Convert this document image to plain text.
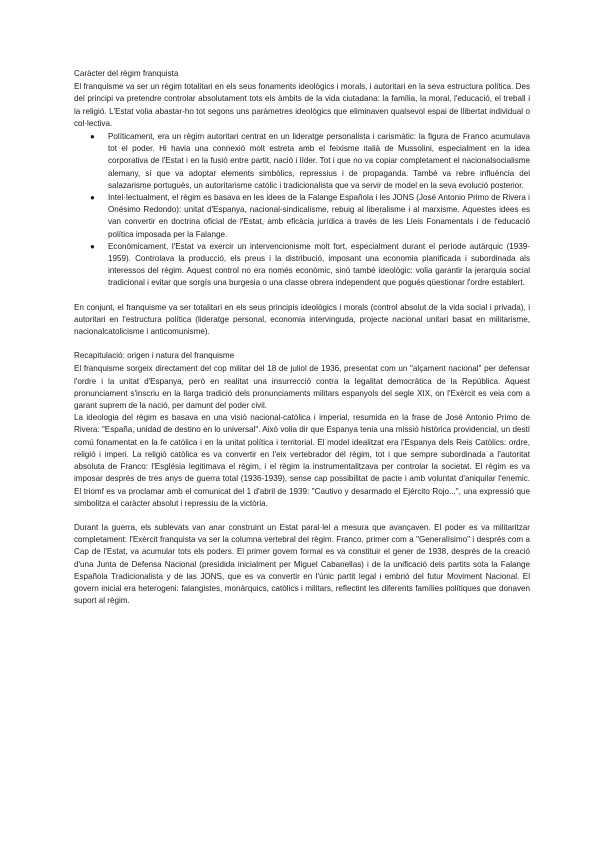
Caràcter del règim franquista

El franquisme va ser un règim totalitari en els seus fonaments ideològics i morals, i autoritari en la seva estructura política. Des del principi va pretendre controlar absolutament tots els àmbits de la vida ciutadana: la família, la moral, l'educació, el treball i la religió. L'Estat volia abastar-ho tot segons uns paràmetres ideològics que eliminaven qualsevol espai de llibertat individual o col·lectiva.

● Políticament, era un règim autoritari centrat en un lideratge personalista i carismàtic: la figura de Franco acumulava tot el poder. Hi havia una connexió molt estreta amb el feixisme italià de Mussolini, especialment en la idea corporativa de l'Estat i en la fusió entre partit, nació i líder. Tot i que no va copiar completament el nacionalsocialisme alemany, sí que va adoptar elements simbòlics, repressius i de propaganda. També va rebre influència del salazarisme portuguès, un autoritarisme catòlic i tradicionalista que va servir de model en la seva evolució posterior.
● Intel·lectualment, el règim es basava en les idees de la Falange Española i les JONS (José Antonio Primo de Rivera i Onésimo Redondo): unitat d'Espanya, nacional-sindicalisme, rebuig al liberalisme i al marxisme. Aquestes idees es van convertir en doctrina oficial de l'Estat, amb eficàcia jurídica a través de les Lleis Fonamentals i de l'educació política imposada per la Falange.
● Econòmicament, l'Estat va exercir un intervencionisme molt fort, especialment durant el període autàrquic (1939-1959). Controlava la producció, els preus i la distribució, imposant una economia planificada i subordinada als interessos del règim. Aquest control no era només econòmic, sinó també ideològic: volia garantir la jerarquia social tradicional i evitar que sorgís una burgesia o una classe obrera independent que pogués qüestionar l'ordre establert.

En conjunt, el franquisme va ser totalitari en els seus principis ideològics i morals (control absolut de la vida social i privada), i autoritari en l'estructura política (lideratge personal, economia intervinguda, projecte nacional unitari basat en militarisme, nacionalcatolicisme i anticomunisme).

Recapitulació: origen i natura del franquisme

El franquisme sorgeix directament del cop militar del 18 de juliol de 1936, presentat com un "alçament nacional" per defensar l'ordre i la unitat d'Espanya, però en realitat una insurrecció contra la legalitat democràtica de la República. Aquest pronunciament s'inscriu en la llarga tradició dels pronunciaments militars espanyols del segle XIX, on l'Exèrcit es veia com a garant suprem de la nació, per damunt del poder civil.

La ideologia del règim es basava en una visió nacional-catòlica i imperial, resumida en la frase de José Antonio Primo de Rivera: "España, unidad de destino en lo universal". Això volia dir que Espanya tenia una missió històrica providencial, un destí comú fonamentat en la fe catòlica i en la unitat política i territorial. El model idealitzat era l'Espanya dels Reis Catòlics: ordre, religió i imperi. La religió catòlica es va convertir en l'eix vertebrador del règim, tot i que sempre subordinada a l'autoritat absoluta de Franco: l'Església legitimava el règim, i el règim la instrumentalitzava per controlar la societat. El règim es va imposar després de tres anys de guerra total (1936-1939), sense cap possibilitat de pacte i amb voluntat d'aniquilar l'enemic. El triomf es va proclamar amb el comunicat del 1 d'abril de 1939: "Cautivo y desarmado el Ejército Rojo...", una expressió que simbolitza el caràcter absolut i repressiu de la victòria.

Durant la guerra, els sublevats van anar construint un Estat paral·lel a mesura que avançaven. El poder es va militaritzar completament: l'Exèrcit franquista va ser la columna vertebral del règim. Franco, primer com a "Generalísimo" i després com a Cap de l'Estat, va acumular tots els poders. El primer govern formal es va constituir el gener de 1938, després de la creació d'una Junta de Defensa Nacional (presidida inicialment per Miguel Cabanellas) i de la unificació dels partits sota la Falange Española Tradicionalista y de las JONS, que es va convertir en l'únic partit legal i embrió del futur Moviment Nacional. El govern inicial era heterogeni: falangistes, monàrquics, catòlics i militars, reflectint les diferents famílies polítiques que donaven suport al règim.
